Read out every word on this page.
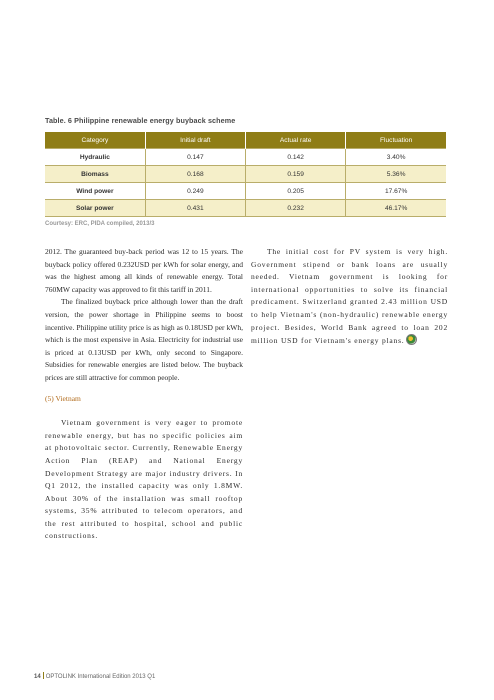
Table. 6 Philippine renewable energy buyback scheme
Category	Initial draft	Actual rate	Fluctuation
Hydraulic	0.147	0.142	3.40%
Biomass	0.168	0.159	5.36%
Wind power	0.249	0.205	17.67%
Solar power	0.431	0.232	46.17%
Courtesy: ERC, PIDA compiled, 2013/3

2012. The guaranteed buy-back period was 12 to 15 years. The buyback policy offered 0.232USD per kWh for solar energy, and was the highest among all kinds of renewable energy. Total 760MW capacity was approved to fit this tariff in 2011.

The finalized buyback price although lower than the draft version, the power shortage in Philippine seems to boost incentive. Philippine utility price is as high as 0.18USD per kWh, which is the most expensive in Asia. Electricity for industrial use is priced at 0.13USD per kWh, only second to Singapore. Subsidies for renewable energies are listed below. The buyback prices are still attractive for common people.

(5) Vietnam

Vietnam government is very eager to promote renewable energy, but has no specific policies aim at photovoltaic sector. Currently, Renewable Energy Action Plan (REAP) and National Energy Development Strategy are major industry drivers. In Q1 2012, the installed capacity was only 1.8MW. About 30% of the installation was small rooftop systems, 35% attributed to telecom operators, and the rest attributed to hospital, school and public constructions.

The initial cost for PV system is very high. Government stipend or bank loans are usually needed. Vietnam government is looking for international opportunities to solve its financial predicament. Switzerland granted 2.43 million USD to help Vietnam's (non-hydraulic) renewable energy project. Besides, World Bank agreed to loan 202 million USD for Vietnam's energy plans.

14 OPTOLINK International Edition 2013 Q1
